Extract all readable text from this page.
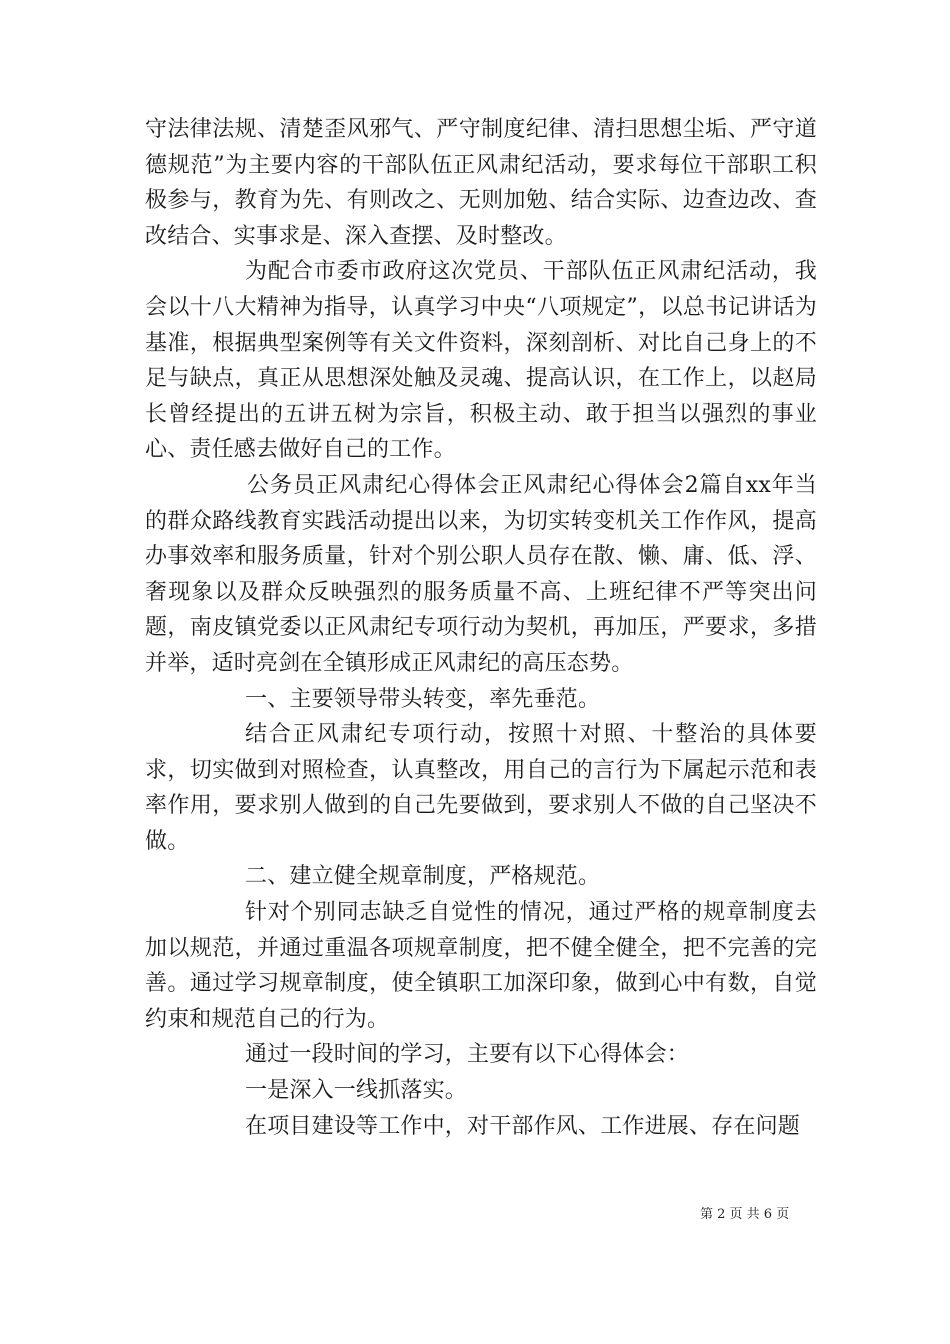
守法律法规、清楚歪风邪气、严守制度纪律、清扫思想尘垢、严守道德规范”为主要内容的干部队伍正风肃纪活动，要求每位干部职工积极参与，教育为先、有则改之、无则加勉、结合实际、边查边改、查改结合、实事求是、深入查摆、及时整改。

为配合市委市政府这次党员、干部队伍正风肃纪活动，我会以十八大精神为指导，认真学习中央“八项规定”，以总书记讲话为基准，根据典型案例等有关文件资料，深刻剖析、对比自己身上的不足与缺点，真正从思想深处触及灵魂、提高认识，在工作上，以赵局长曾经提出的五讲五树为宗旨，积极主动、敢于担当以强烈的事业心、责任感去做好自己的工作。

公务员正风肃纪心得体会正风肃纪心得体会2篇自xx年当的群众路线教育实践活动提出以来，为切实转变机关工作作风，提高办事效率和服务质量，针对个别公职人员存在散、懒、庸、低、浮、奢现象以及群众反映强烈的服务质量不高、上班纪律不严等突出问题，南皮镇党委以正风肃纪专项行动为契机，再加压，严要求，多措并举，适时亮剑在全镇形成正风肃纪的高压态势。

一、主要领导带头转变，率先垂范。

结合正风肃纪专项行动，按照十对照、十整治的具体要求，切实做到对照检查，认真整改，用自己的言行为下属起示范和表率作用，要求别人做到的自己先要做到，要求别人不做的自己坚决不做。

二、建立健全规章制度，严格规范。

针对个别同志缺乏自觉性的情况，通过严格的规章制度去加以规范，并通过重温各项规章制度，把不健全健全，把不完善的完善。通过学习规章制度，使全镇职工加深印象，做到心中有数，自觉约束和规范自己的行为。

通过一段时间的学习，主要有以下心得体会：

一是深入一线抓落实。

在项目建设等工作中，对干部作风、工作进展、存在问题

第 2 页 共 6 页
